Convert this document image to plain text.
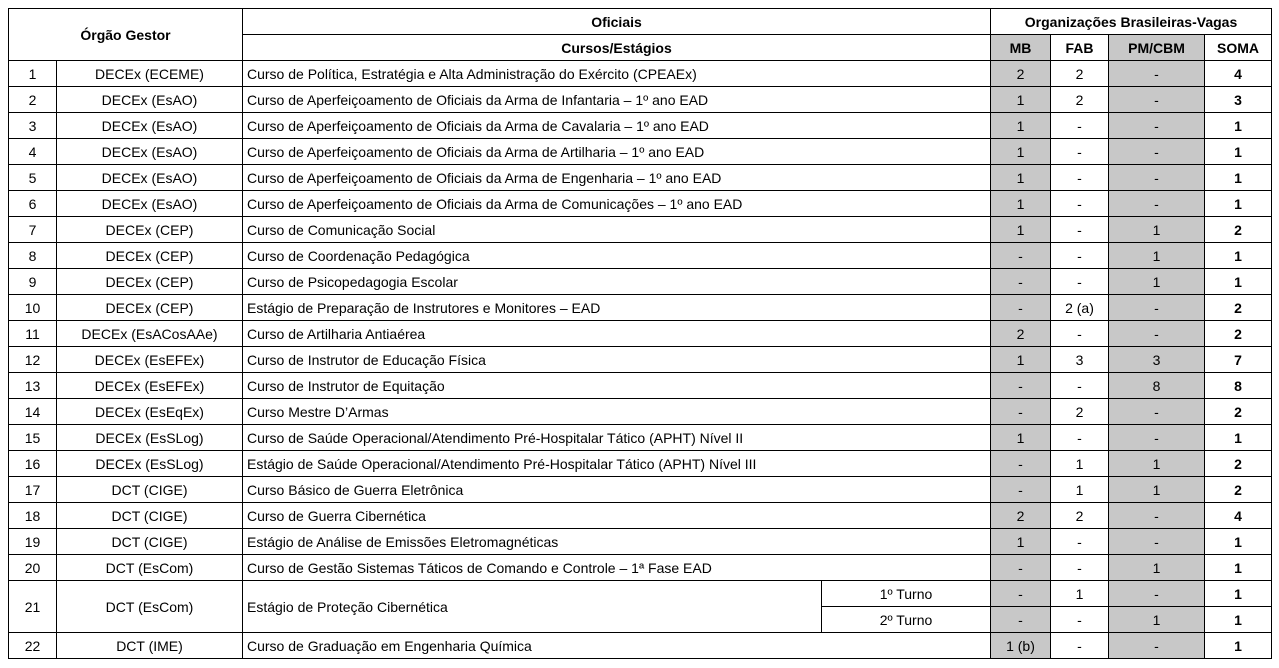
Órgão Gestor		Oficiais		Organizações Brasileiras-Vagas			
		Cursos/Estágios		MB	FAB	PM/CBM	SOMA
1	DECEx (ECEME)	Curso de Política, Estratégia e Alta Administração do Exército (CPEAEx)		2	2	-	4
2	DECEx (EsAO)	Curso de Aperfeiçoamento de Oficiais da Arma de Infantaria – 1º ano EAD		1	2	-	3
3	DECEx (EsAO)	Curso de Aperfeiçoamento de Oficiais da Arma de Cavalaria – 1º ano EAD		1	-	-	1
4	DECEx (EsAO)	Curso de Aperfeiçoamento de Oficiais da Arma de Artilharia – 1º ano EAD		1	-	-	1
5	DECEx (EsAO)	Curso de Aperfeiçoamento de Oficiais da Arma de Engenharia – 1º ano EAD		1	-	-	1
6	DECEx (EsAO)	Curso de Aperfeiçoamento de Oficiais da Arma de Comunicações – 1º ano EAD		1	-	-	1
7	DECEx (CEP)	Curso de Comunicação Social		1	-	1	2
8	DECEx (CEP)	Curso de Coordenação Pedagógica		-	-	1	1
9	DECEx (CEP)	Curso de Psicopedagogia Escolar		-	-	1	1
10	DECEx (CEP)	Estágio de Preparação de Instrutores e Monitores – EAD		-	2 (a)	-	2
11	DECEx (EsACosAAe)	Curso de Artilharia Antiaérea		2	-	-	2
12	DECEx (EsEFEx)	Curso de Instrutor de Educação Física		1	3	3	7
13	DECEx (EsEFEx)	Curso de Instrutor de Equitação		-	-	8	8
14	DECEx (EsEqEx)	Curso Mestre D’Armas		-	2	-	2
15	DECEx (EsSLog)	Curso de Saúde Operacional/Atendimento Pré-Hospitalar Tático (APHT) Nível II		1	-	-	1
16	DECEx (EsSLog)	Estágio de Saúde Operacional/Atendimento Pré-Hospitalar Tático (APHT) Nível III		-	1	1	2
17	DCT (CIGE)	Curso Básico de Guerra Eletrônica		-	1	1	2
18	DCT (CIGE)	Curso de Guerra Cibernética		2	2	-	4
19	DCT (CIGE)	Estágio de Análise de Emissões Eletromagnéticas		1	-	-	1
20	DCT (EsCom)	Curso de Gestão Sistemas Táticos de Comando e Controle – 1ª Fase EAD		-	-	1	1
21	DCT (EsCom)	Estágio de Proteção Cibernética	1º Turno	-	1	-	1
			2º Turno	-	-	1	1
22	DCT (IME)	Curso de Graduação em Engenharia Química		1 (b)	-	-	1
